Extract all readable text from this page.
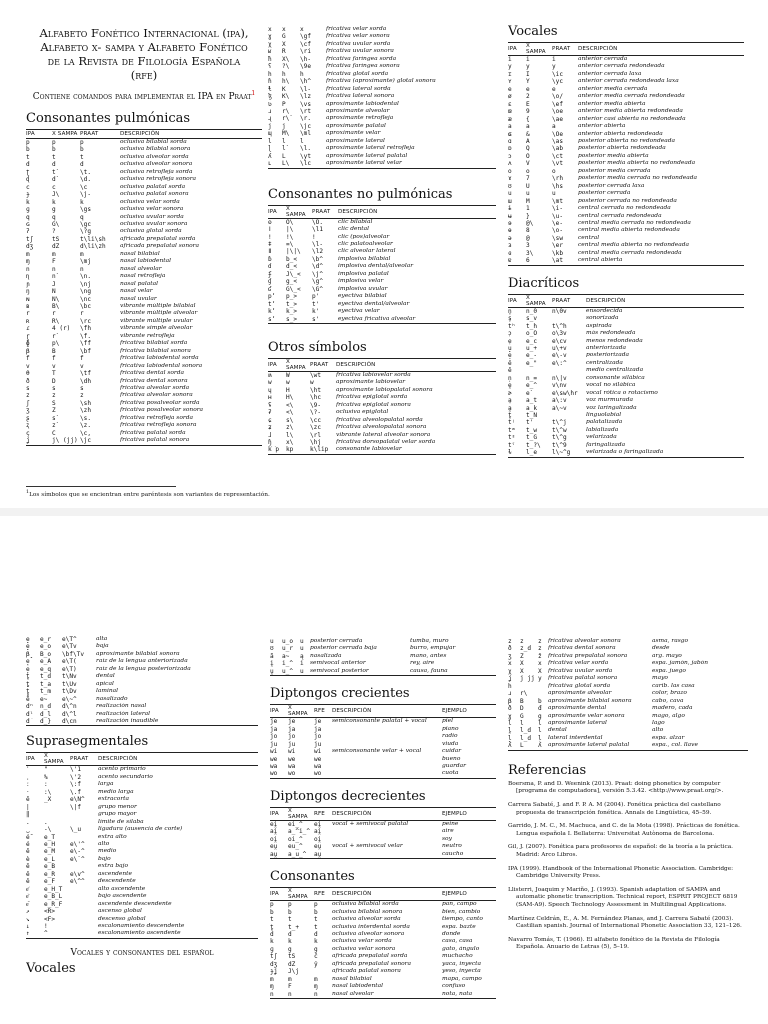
Alfabeto Fonético Internacional (ipa),
Alfabeto x- sampa y Alfabeto Fonético
de la Revista de Filología Española
(rfe)
Contiene comandos para implementar el IPA en Praat$^1$
Consonantes pulmónicas
IPA	X SAMPA	PRAAT	DESCRIPCIÓN
p	p	p	oclusiva bilabial sorda
b	b	b	oclusiva bilabial sonora
t	t	t	oclusiva alveolar sorda
d	d	d	oclusiva alveolar sonora
ʈ	t`	\t.	oclusiva retrofleja sorda
ɖ	d`	\d.	oclusiva retrofleja sonora
c	c	\c	oclusiva palatal sorda
ɟ	J\	\j-	oclusiva palatal sonora
k	k	k	oclusiva velar sorda
ɡ	g	\gs	oclusiva velar sonora
q	q	q	oclusiva uvular sorda
ɢ	G\	\gc	oclusiva uvular sonora
ʔ	?	\?g	oclusiva glotal sorda
tʃ	tS	t\li\sh	africada prepalatal sorda
dʒ	dZ	d\li\zh	africada prepalatal sonora
m	m	m	nasal bilabial
ɱ	F	\mj	nasal labiodental
n	n	n	nasal alveolar
ɳ	n`	\n.	nasal retrofleja
ɲ	J	\nj	nasal palatal
ŋ	N	\ng	nasal velar
ɴ	N\	\nc	nasal uvular
ʙ	B\	\bc	vibrante múltiple bilabial
r	r	r	vibrante múltiple alveolar
ʀ	R\	\rc	vibrante múltiple uvular
ɾ	4 (r)	\fh	vibrante simple alveolar
ɽ	r`	\f.	vibrante retrofleja
ɸ	p\	\ff	fricativa bilabial sorda
β	B	\bf	fricativa bilabial sonora
f	f	f	fricativa labiodental sorda
v	v	v	fricativa labiodental sonora
θ	T	\tf	fricativa dental sorda
ð	D	\dh	fricativa dental sonora
s	s	s	fricativa alveolar sorda
z	z	z	fricativa alveolar sonora
ʃ	S	\sh	fricativa posalveolar sorda
ʒ	Z	\zh	fricativa posalveolar sonora
ʂ	s`	\s.	fricativa retrofleja sorda
ʐ	z`	\z.	fricativa retrofleja sonora
ç	C	\c,	fricativa palatal sorda
ʝ	j\ (jj)	\jc	fricativa palatal sonora
x	x	x	fricativa velar sorda
ɣ	G	\gf	fricativa velar sonora
χ	X	\cf	fricativa uvular sorda
ʁ	R	\ri	fricativa uvular sonora
ħ	X\	\h-	fricativa faríngea sorda
ʕ	?\	\9e	fricativa faríngea sonora
h	h	h	fricativa glotal sorda
ɦ	h\	\h^	fricativa (aproximante) glotal sonora
ɬ	K	\l-	fricativa lateral sorda
ɮ	K\	\lz	fricativa lateral sonora
ʋ	P	\vs	aproximante labiodental
ɹ	r\	\rt	aproximante alveolar
ɻ	r\`	\r.	aproximante retrofleja
j	j	\jc	aproximante palatal
ɰ	M\	\ml	aproximante velar
l	l	l	aproximante lateral
ɭ	l`	\l.	aproximante lateral retrofleja
ʎ	L	\yt	aproximante lateral palatal
ʟ	L\	\lc	aproximante lateral velar
Consonantes no pulmónicas
IPA	X SAMPA	PRAAT	DESCRIPCIÓN
ʘ	O\	\O.	clic bilabial
ǀ	|\	\l1	clic dental
ǃ	!\	!	clic (pos)alveolar
ǂ	=\	\l-	clic palatoalveolar
ǁ	|\|\	\l2	clic alveolar lateral
ɓ	b_<	\b^	implosiva bilabial
ɗ	d_<	\d^	implosiva dental/alveolar
ʄ	J\_<	\j^	implosiva palatal
ɠ	g_<	\g^	implosiva velar
ʛ	G\_<	\G^	implosiva uvular
pʼ	p_>	p'	eyectiva bilabial
tʼ	t_>	t'	eyectiva dental/alveolar
kʼ	k_>	k'	eyectiva velar
sʼ	s_>	s'	eyectiva fricativa alveolar
Otros símbolos
IPA	X SAMPA	PRAAT	DESCRIPCIÓN
ʍ	W	\wt	fricativa labiovelar sorda
w	w	w	aproximante labiovelar
ɥ	H	\ht	aproximante labiopalatal sonora
ʜ	H\	\hc	fricativa epiglotal sorda
ʢ	<\	\9-	fricativa epiglotal sonora
ʡ	<\	\?-	oclusiva epiglotal
ɕ	s\	\cc	fricativa alveolopalatal sorda
ʑ	z\	\zc	fricativa alveolopalatal sonora
ɺ	l\	\rl	vibrante lateral alveolar sonora
ɧ	x\	\hj	fricativa dorsopalatal velar sorda
k͡p	kp	k\lip	consonante labiovelar
Vocales
IPA	X SAMPA	PRAAT	DESCRIPCIÓN
i	i	i	anterior cerrada
y	y	y	anterior cerrada redondeada
ɪ	I	\ic	anterior cerrada laxa
ʏ	Y	\yc	anterior cerrada redondeada laxa
e	e	e	anterior media cerrada
ø	2	\o/	anterior media cerrada redondeada
ɛ	E	\ef	anterior media abierta
œ	9	\oe	anterior media abierta redondeada
æ	{	\ae	anterior casi abierta no redondeada
a	a	a	anterior abierta
ɶ	&	\Oe	anterior abierta redondeada
ɑ	A	\as	posterior abierta no redondeada
ɒ	Q	\ab	posterior abierta redondeada
ɔ	O	\ct	posterior media abierta
ʌ	V	\vt	posterior media abierta no redondeada
o	o	o	posterior media cerrada
ɤ	7	\rh	posterior media cerrada no redondeada
ʊ	U	\hs	posterior cerrada laxa
u	u	u	posterior cerrada
ɯ	M	\mt	posterior cerrada no redondeada
ɨ	1	\i-	central cerrada no redondeada
ʉ	}	\u-	central cerrada redondeada
ɘ	@\	\e-	central media cerrada no redondeada
ɵ	8	\o-	central media abierta redondeada
ə	@	\sw	central
ɜ	3	\er	central media abierta no redondeada
ɞ	3\	\kb	central media cerrada redondeada
ɐ	6	\at	central abierta
Diacríticos
IPA	X SAMPA	PRAAT	DESCRIPCIÓN
n̥	n_0	n\0v	ensordecida
s̬	s_v		sonorizada
tʰ	t_h	t\^h	aspirada
ɔ̹	o_O	o\3v	más redondeada
e̜	e_c	e\cv	menos redondeada
u̟	u_+	u\+v	anteriorizada
e̠	e_-	e\-v	posteriorizada
ë	e_"	e\:^	centralizada
ĕ			medio centralizada
n̩	n_=	n\|v	consonante silábica
e̯	e_^	v\nv	vocal no silábica
ɚ	e`	e\sw\hr	vocal rótica o rotacismo
a̤	a_t	a\:v	voz murmurada
a̰	a_k	a\~v	voz laringalizada
t̪	t_N		linguolabial
tʲ	t'	t\^j	palatalizada
tʷ	t_w	t\^w	labializada
tˠ	t_G	t\^g	velarizada
tˤ	t_?\	t\^9	faringalizada
ɫ	l_e	l\~^g	velarizada o faringalizada
$^1$Los símbolos que se encientran entre paréntesis son variantes de representación.
e̝	e_r	e\T^	alta
e̞	e_o	e\Tv	baja
β̞	B_o	\bf\Tv	aproximante bilabial sonora
e̘	e_A	e\T(	raíz de la lengua anteriorizada
e̙	e_q	e\T)	raíz de la lengua posteriorizada
t̪	t_d	t\Nv	dental
t̺	t_a	t\Uv	apical
t̻	t_m	t\Dv	laminal
ẽ	e~	e\~^	nasalizado
dⁿ	n_d	d\^n	realización nasal
dˡ	d_l	d\^l	realización lateral
d̚	d_}	d\cn	realización inaudible
Suprasegmentales
IPA	X SAMPA	PRAAT	DESCRIPCIÓN
ˈ	"	\'1	acento primario
ˌ	%	\'2	acento secundario
ː	:	\:f	larga
ˑ	:\	\.f	medio larga
ĕ	_X	e\N^	extracorta
|		\|f	grupo menor
‖			grupo mayor
.	.		límite de sílaba
‿	-\	\_u	ligadura (ausencia de corte)
é̋	e_T		extra alto
é	e_H	e\'^	alto
ē	e_M	e\-^	medio
è	e_L	e\`^	bajo
ȅ	e_B		extra bajo
ě	e_R	e\v^	ascendente
ê	e_F	e\^^	descendente
e᷄	e_H_T		alto ascendente
e᷅	e_B_L		bajo ascendente
e᷈	e_R_F		ascendente descendente
↗	<R>		ascenso global
↘	<F>		descenso global
↓	!		escalonamiento descendente
↑	^		escalonamiento ascendente
Vocales y consonantes del español
Vocales
u	u_o	u	posterior cerrada	tumba, muro
ʊ	u_r	u	posterior cerrada baja	burro, empujar
ã	a~	ą	nasalizada	mano, antes
i̯	i_^	i	semivocal anterior	rey, aire
u̯	u_^	u	semivocal posterior	causa, fauna
Diptongos crecientes
IPA	X SAMPA	RFE	DESCRIPCIÓN	EJEMPLO
je	je	je	semiconsonante palatal + vocal	piel
ja	ja	ja		piano
jo	jo	jo		radio
ju	ju	ju		viuda
wi	wi	wi	semiconsonante velar + vocal	cuidar
we	we	we		bueno
wa	wa	wa		guardar
wo	wo	wo		cuota
Diptongos decrecientes
IPA	X SAMPA	RFE	DESCRIPCIÓN	EJEMPLO
ei̯	ei_^	ei̯	vocal + semivocal palatal	peine
ai̯	a_^i_^	ai̯		aire
oi̯	oi_^	oi̯		soy
eu̯	eu_^	eu̯	vocal + semivocal velar	neutro
au̯	a_u_^	au̯		caucho
Consonantes
IPA	X SAMPA	RFE	DESCRIPCIÓN	EJEMPLO
p	p	p	oclusiva bilabial sorda	pan, campo
b	b	b	oclusiva bilabial sonora	bien, cambio
t	t	t	oclusiva alveolar sorda	tiempo, canto
t̪	t_+	t	oclusiva interdental sorda	espa. bazte
d	d	d	oclusiva alveolar sonora	donde
k	k	k	oclusiva velar sorda	casa, casa
ɡ	g	g	oclusiva velar sonora	gato, ángulo
tʃ	tS	ĉ	africada prepalatal sorda	muchacho
dʒ	dZ	ŷ	africada prepalatal sonora	yaca, inyecta
ɟʝ	J\j		africada palatal sonora	yeso, inyecta
m	m	m	nasal bilabial	mapa, campo
ɱ	F	ɱ	nasal labiodental	confuso
n	n	n	nasal alveolar	nota, nata
z	z	z	fricativa alveolar sonora	asma, rasgo
ð	z_d	z	fricativa dental sonora	desde
ʒ	Z	ž	fricativa prepalatal sonora	arg. mayo
x	X	x	fricativa velar sorda	espa. jamón, jabón
χ	X	X	fricativa uvular sorda	espa. juego
ʝ	j jj	y	fricativa palatal sonora	mayo
h			fricativa glotal sorda	carib. las casa
ɹ	r\		aproximante alveolar	color, brazo
β	B	b	aproximante bilabial sonora	cabo, cava
ð	D	đ	aproximante dental	madero, cada
ɣ	G	g	aproximante velar sonora	mago, algo
l	l	l	aproximante lateral	lago
l̪	l_d	l	dental	alto
l̟	l_d	ḷ	lateral interdental	espa. alzar
ʎ	L	ʎ	aproximante lateral palatal	espa., col. llave
Referencias

Boersma, P. and D. Weenink (2013). Praat: doing phonetics by computer [programa de computadora], versión 5.3.42. <http://www.praat.org/>.

Carrera Sabaté, J. and F. P. A. M (2004). Fonética práctica del castellano propuesta de transcripción fonética. Annals de Lingüística, 45–59.

Garrido, J. M. C., M. Machuca, and C. de la Mota (1998). Prácticas de fonética. Lengua española I. Bellaterra: Universitat Autònoma de Barcelona.

Gil, J. (2007). Fonética para profesores de español: de la teoría a la práctica. Madrid: Arco Libros.

IPA (1999). Handbook of the International Phonetic Association. Cambridge: Cambridge University Press.

Llisterri, Joaquim y Mariño, J. (1993). Spanish adaptation of SAMPA and automatic phonetic transcription. Technical report, ESPRIT PROJECT 6819 (SAM-A9). Speech Technology Assessment in Multilingual Applications.

Martínez Celdrán, E., A. M. Fernández Planas, and J. Carrera Sabaté (2003). Castilian spanish. Journal of International Phonetic Association 33, 121–126.

Navarro Tomás, T. (1966). El alfabeto fonético de la Revista de Filología Española. Anuario de Letras (5), 5–19.
